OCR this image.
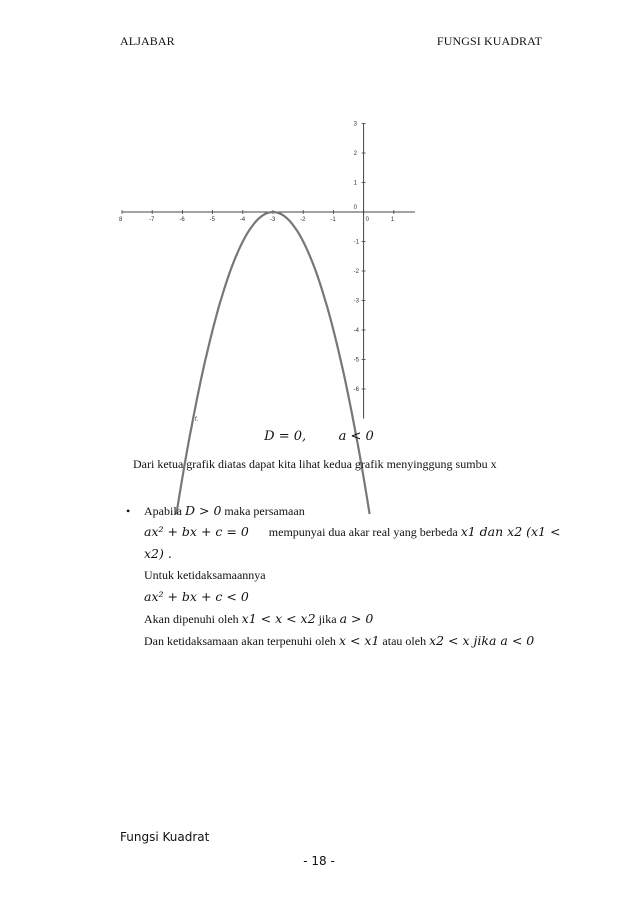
ALJABAR	FUNGSI KUADRAT
8	-7	-6	-5	-4	-3	-2	-1	0	1
3
2
1
0
-1
-2
-3
-4
-5
-6
f.
D = 0,	a < 0
Dari ketua grafik diatas dapat kita lihat kedua grafik menyinggung sumbu x
• Apabila D > 0 maka persamaan
ax² + bx + c = 0 mempunyai dua akar real yang berbeda x1 dan x2 (x1 <
x2) .
Untuk ketidaksamaannya
ax² + bx + c < 0
Akan dipenuhi oleh x1 < x < x2 jika a > 0
Dan ketidaksamaan akan terpenuhi oleh x < x1 atau oleh x2 < x jika a < 0
Fungsi Kuadrat
- 18 -
